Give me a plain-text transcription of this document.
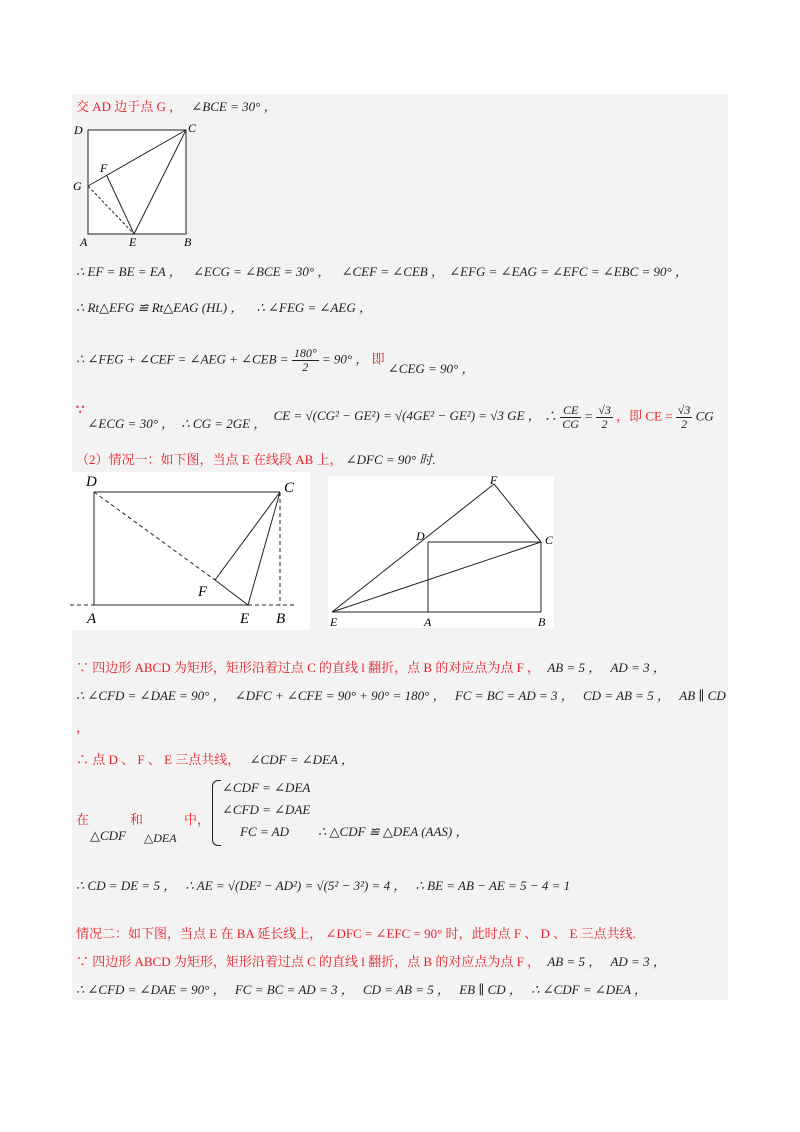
交 AD 边于点 G ， ∠BCE = 30° ，
D	C
F
G
A	E	B
∴ EF = BE = EA ， ∠ECG = ∠BCE = 30° ， ∠CEF = ∠CEB ， ∠EFG = ∠EAG = ∠EFC = ∠EBC = 90° ，
∴ Rt△EFG ≌ Rt△EAG (HL) ， ∴ ∠FEG = ∠AEG ，
∴ ∠FEG + ∠CEF = ∠AEG + ∠CEB = $\frac{180^\circ}{2} = 90^\circ$ ， 即 ∠CEG = 90° ，
∵ ∠ECG = 30° ， ∴ CG = 2GE ， CE = √(CG² − GE²) = √(4GE² − GE²) = √3 GE ， ∴ $\frac{CE}{CG} = \frac{√3}{2}$ ，即 CE = $\frac{√3}{2}$ CG
（2）情况一：如下图，当点 E 在线段 AB 上， ∠DFC = 90° 时.
D	C
F
A	E B
F
D	C
E	A	B
∵ 四边形 ABCD 为矩形，矩形沿着过点 C 的直线 l 翻折，点 B 的对应点为点 F ， AB = 5 ， AD = 3 ，
∴ ∠CFD = ∠DAE = 90° ， ∠DFC + ∠CFE = 90° + 90° = 180° ， FC = BC = AD = 3 ， CD = AB = 5 ， AB ∥ CD
，
∴ 点 D 、 F 、 E 三点共线， ∠CDF = ∠DEA ，
在
△CDF
和
△DEA
中，
∠CDF = ∠DEA
∠CFD = ∠DAE
FC = AD ∴ △CDF ≌ △DEA (AAS) ，
∴ CD = DE = 5 ， ∴ AE = √(DE² − AD²) = √(5² − 3²) = 4 ， ∴ BE = AB − AE = 5 − 4 = 1
情况二：如下图，当点 E 在 BA 延长线上， ∠DFC = ∠EFC = 90° 时，此时点 F 、 D 、 E 三点共线.
∵ 四边形 ABCD 为矩形，矩形沿着过点 C 的直线 l 翻折，点 B 的对应点为点 F ， AB = 5 ， AD = 3 ，
∴ ∠CFD = ∠DAE = 90° ， FC = BC = AD = 3 ， CD = AB = 5 ， EB ∥ CD ， ∴ ∠CDF = ∠DEA ，
